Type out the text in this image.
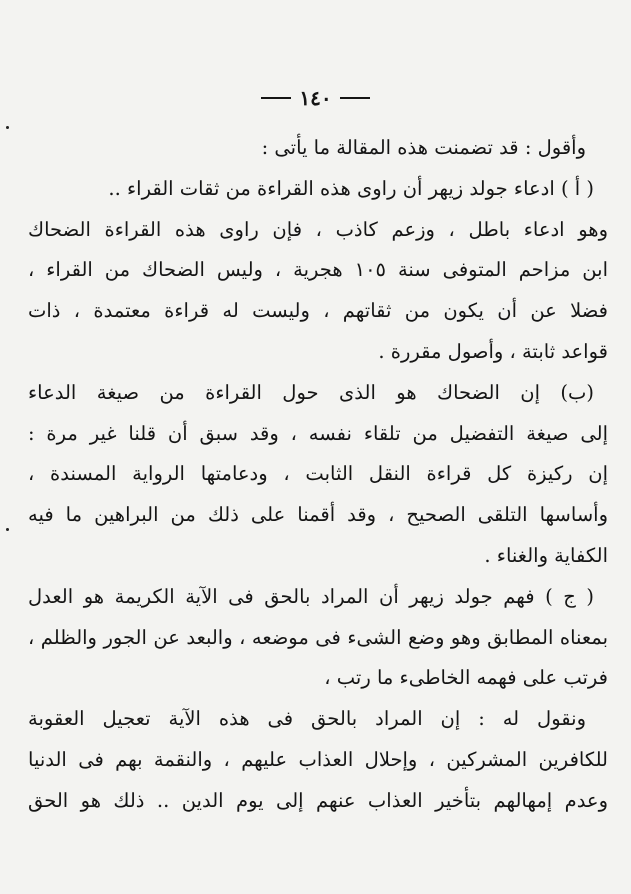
١٤٠
وأقول : قد تضمنت هذه المقالة ما يأتى :
( أ ) ادعاء جولد زيهر أن راوى هذه القراءة من ثقات القراء ..
وهو ادعاء باطل ، وزعم كاذب ، فإن راوى هذه القراءة الضحاك
ابن مزاحم المتوفى سنة ١٠٥ هجرية ، وليس الضحاك من القراء ،
فضلا عن أن يكون من ثقاتهم ، وليست له قراءة معتمدة ، ذات
قواعد ثابتة ، وأصول مقررة .
(ب) إن الضحاك هو الذى حول القراءة من صيغة الدعاء
إلى صيغة التفضيل من تلقاء نفسه ، وقد سبق أن قلنا غير مرة :
إن ركيزة كل قراءة النقل الثابت ، ودعامتها الرواية المسندة ،
وأساسها التلقى الصحيح ، وقد أقمنا على ذلك من البراهين ما فيه
الكفاية والغناء .
( ج ) فهم جولد زيهر أن المراد بالحق فى الآية الكريمة هو العدل
بمعناه المطابق وهو وضع الشىء فى موضعه ، والبعد عن الجور والظلم ،
فرتب على فهمه الخاطىء ما رتب ،
ونقول له : إن المراد بالحق فى هذه الآية تعجيل العقوبة
للكافرين المشركين ، وإحلال العذاب عليهم ، والنقمة بهم فى الدنيا
وعدم إمهالهم بتأخير العذاب عنهم إلى يوم الدين .. ذلك هو الحق
